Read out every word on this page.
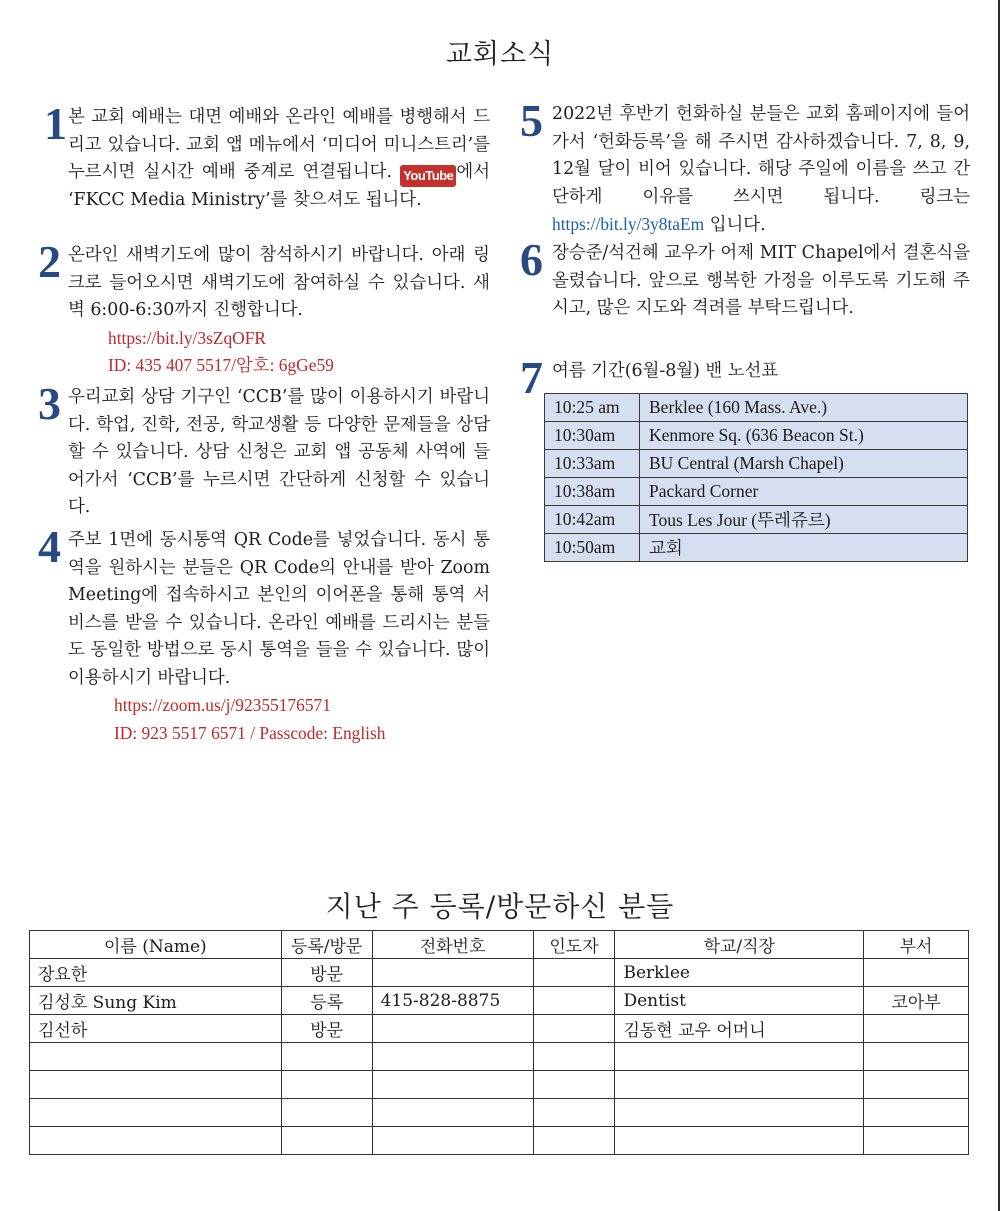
교회소식
1 본 교회 예배는 대면 예배와 온라인 예배를 병행해서 드리고 있습니다. 교회 앱 메뉴에서 ‘미디어 미니스트리’를 누르시면 실시간 예배 중계로 연결됩니다. YouTube 에서 ‘FKCC Media Ministry’를 찾으셔도 됩니다.
2 온라인 새벽기도에 많이 참석하시기 바랍니다. 아래 링크로 들어오시면 새벽기도에 참여하실 수 있습니다. 새벽 6:00-6:30까지 진행합니다.
https://bit.ly/3sZqOFR
ID: 435 407 5517/암호: 6gGe59
3 우리교회 상담 기구인 ‘CCB’를 많이 이용하시기 바랍니다. 학업, 진학, 전공, 학교생활 등 다양한 문제들을 상담할 수 있습니다. 상담 신청은 교회 앱 공동체 사역에 들어가서 ‘CCB’를 누르시면 간단하게 신청할 수 있습니다.
4 주보 1면에 동시통역 QR Code를 넣었습니다. 동시 통역을 원하시는 분들은 QR Code의 안내를 받아 Zoom Meeting에 접속하시고 본인의 이어폰을 통해 통역 서비스를 받을 수 있습니다. 온라인 예배를 드리시는 분들도 동일한 방법으로 동시 통역을 들을 수 있습니다. 많이 이용하시기 바랍니다.
https://zoom.us/j/92355176571
ID: 923 5517 6571 / Passcode: English
5 2022년 후반기 헌화하실 분들은 교회 홈페이지에 들어가서 ‘헌화등록’을 해 주시면 감사하겠습니다. 7, 8, 9, 12월 달이 비어 있습니다. 해당 주일에 이름을 쓰고 간단하게 이유를 쓰시면 됩니다. 링크는 https://bit.ly/3y8taEm 입니다.
6 장승준/석건혜 교우가 어제 MIT Chapel에서 결혼식을 올렸습니다. 앞으로 행복한 가정을 이루도록 기도해 주시고, 많은 지도와 격려를 부탁드립니다.
7 여름 기간(6월-8월) 밴 노선표
10:25 am	Berklee (160 Mass. Ave.)
10:30am	Kenmore Sq. (636 Beacon St.)
10:33am	BU Central (Marsh Chapel)
10:38am	Packard Corner
10:42am	Tous Les Jour (뚜레쥬르)
10:50am	교회
지난 주 등록/방문하신 분들
이름 (Name)	등록/방문	전화번호	인도자	학교/직장	부서
장요한	방문			Berklee	
김성호 Sung Kim	등록	415-828-8875		Dentist	코아부
김선하	방문			김동현 교우 어머니	
